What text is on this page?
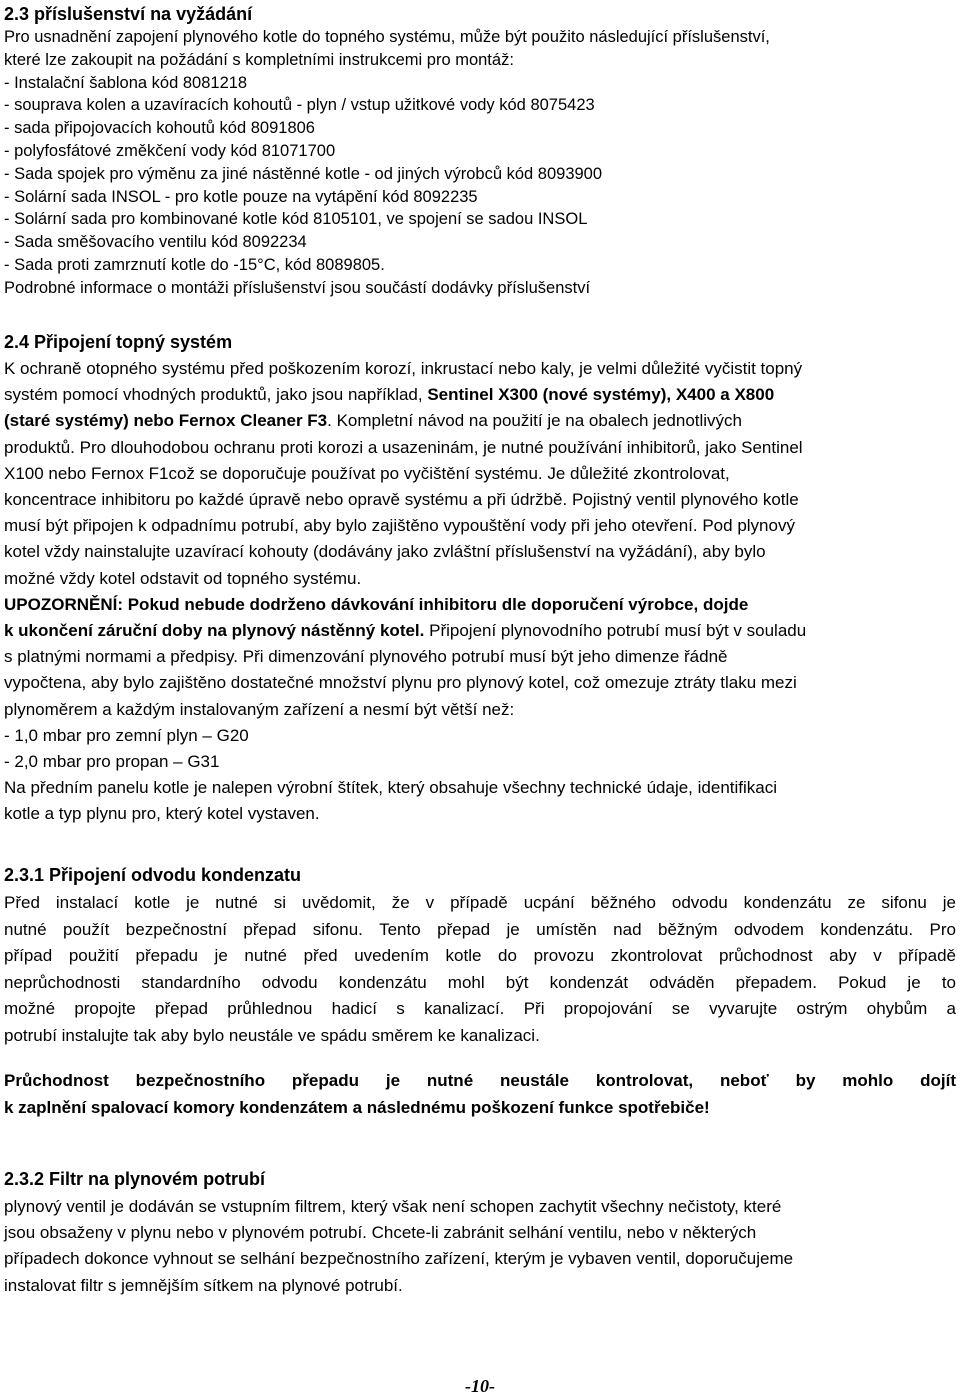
2.3 příslušenství na vyžádání
Pro usnadnění zapojení plynového kotle do topného systému, může být použito následující příslušenství,
které lze zakoupit na požádání s kompletními instrukcemi pro montáž:
- Instalační šablona kód 8081218
- souprava kolen a uzavíracích kohoutů - plyn / vstup užitkové vody kód 8075423
- sada připojovacích kohoutů kód 8091806
- polyfosfátové změkčení vody kód 81071700
- Sada spojek pro výměnu za jiné nástěnné kotle - od jiných výrobců kód 8093900
- Solární sada INSOL - pro kotle pouze na vytápění kód 8092235
- Solární sada pro kombinované kotle kód 8105101, ve spojení se sadou INSOL
- Sada směšovacího ventilu kód 8092234
- Sada proti zamrznutí kotle do -15°C, kód 8089805.
Podrobné informace o montáži příslušenství jsou součástí dodávky příslušenství
2.4 Připojení topný systém
K ochraně otopného systému před poškozením korozí, inkrustací nebo kaly, je velmi důležité vyčistit topný
systém pomocí vhodných produktů, jako jsou například, Sentinel X300 (nové systémy), X400 a X800
(staré systémy) nebo Fernox Cleaner F3. Kompletní návod na použití je na obalech jednotlivých
produktů. Pro dlouhodobou ochranu proti korozi a usazeninám, je nutné používání inhibitorů, jako Sentinel
X100 nebo Fernox F1což se doporučuje používat po vyčištění systému. Je důležité zkontrolovat,
koncentrace inhibitoru po každé úpravě nebo opravě systému a při údržbě. Pojistný ventil plynového kotle
musí být připojen k odpadnímu potrubí, aby bylo zajištěno vypouštění vody při jeho otevření. Pod plynový
kotel vždy nainstalujte uzavírací kohouty (dodávány jako zvláštní příslušenství na vyžádání), aby bylo
možné vždy kotel odstavit od topného systému.
UPOZORNĚNÍ: Pokud nebude dodrženo dávkování inhibitoru dle doporučení výrobce, dojde
k ukončení záruční doby na plynový nástěnný kotel. Připojení plynovodního potrubí musí být v souladu
s platnými normami a předpisy. Při dimenzování plynového potrubí musí být jeho dimenze řádně
vypočtena, aby bylo zajištěno dostatečné množství plynu pro plynový kotel, což omezuje ztráty tlaku mezi
plynoměrem a každým instalovaným zařízení a nesmí být větší než:
- 1,0 mbar pro zemní plyn – G20
- 2,0 mbar pro propan – G31
Na předním panelu kotle je nalepen výrobní štítek, který obsahuje všechny technické údaje, identifikaci
kotle a typ plynu pro, který kotel vystaven.
2.3.1 Připojení odvodu kondenzatu
Před instalací kotle je nutné si uvědomit, že v případě ucpání běžného odvodu kondenzátu ze sifonu je
nutné použít bezpečnostní přepad sifonu. Tento přepad je umístěn nad běžným odvodem kondenzátu. Pro
případ použití přepadu je nutné před uvedením kotle do provozu zkontrolovat průchodnost aby v případě
neprůchodnosti standardního odvodu kondenzátu mohl být kondenzát odváděn přepadem. Pokud je to
možné propojte přepad průhlednou hadicí s kanalizací. Při propojování se vyvarujte ostrým ohybům a
potrubí instalujte tak aby bylo neustále ve spádu směrem ke kanalizaci.
Průchodnost bezpečnostního přepadu je nutné neustále kontrolovat, neboť by mohlo dojít
k zaplnění spalovací komory kondenzátem a následnému poškození funkce spotřebiče!
2.3.2 Filtr na plynovém potrubí
plynový ventil je dodáván se vstupním filtrem, který však není schopen zachytit všechny nečistoty, které
jsou obsaženy v plynu nebo v plynovém potrubí. Chcete-li zabránit selhání ventilu, nebo v některých
případech dokonce vyhnout se selhání bezpečnostního zařízení, kterým je vybaven ventil, doporučujeme
instalovat filtr s jemnějším sítkem na plynové potrubí.
-10-
